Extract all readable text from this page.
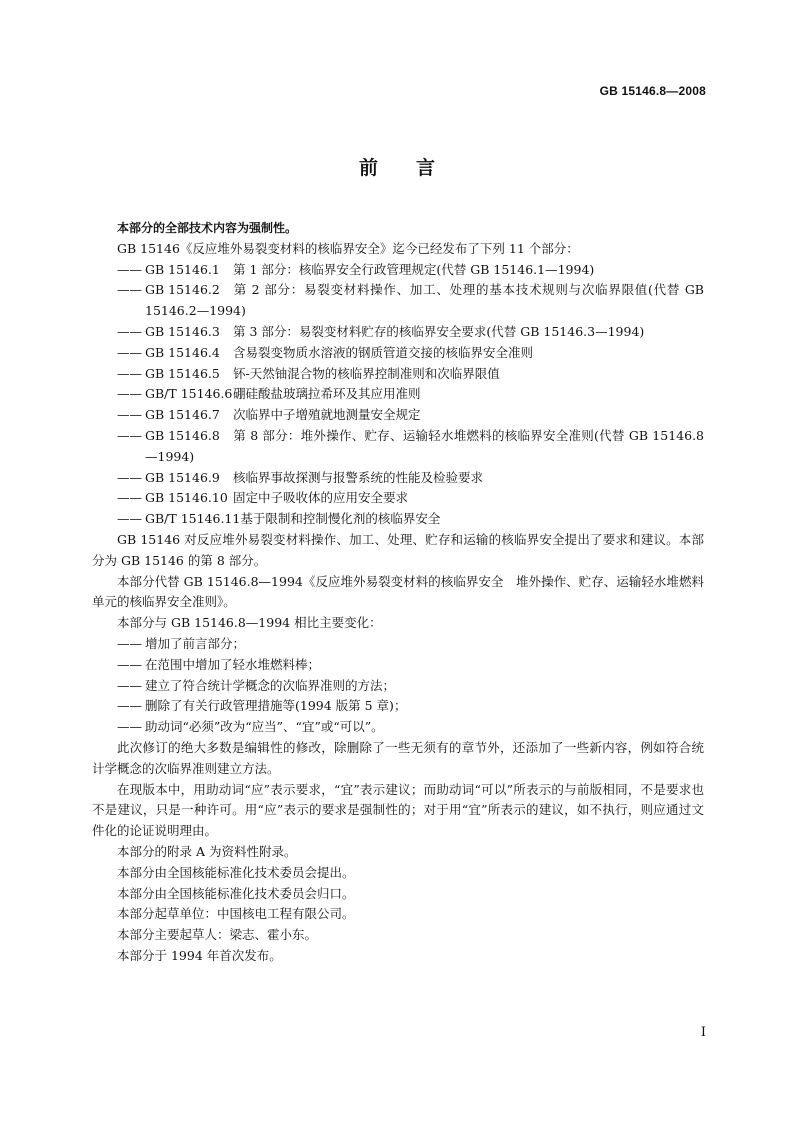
GB 15146.8—2008
前言

本部分的全部技术内容为强制性。

GB 15146《反应堆外易裂变材料的核临界安全》迄今已经发布了下列 11 个部分：

—— GB 15146.1 第 1 部分：核临界安全行政管理规定(代替 GB 15146.1—1994)

—— GB 15146.2 第 2 部分：易裂变材料操作、加工、处理的基本技术规则与次临界限值(代替 GB 15146.2—1994)

—— GB 15146.3 第 3 部分：易裂变材料贮存的核临界安全要求(代替 GB 15146.3—1994)

—— GB 15146.4 含易裂变物质水溶液的钢质管道交接的核临界安全准则

—— GB 15146.5 钚-天然铀混合物的核临界控制准则和次临界限值

—— GB/T 15146.6硼硅酸盐玻璃拉希环及其应用准则

—— GB 15146.7 次临界中子增殖就地测量安全规定

—— GB 15146.8 第 8 部分：堆外操作、贮存、运输轻水堆燃料的核临界安全准则(代替 GB 15146.8—1994)

—— GB 15146.9 核临界事故探测与报警系统的性能及检验要求

—— GB 15146.10 固定中子吸收体的应用安全要求

—— GB/T 15146.11基于限制和控制慢化剂的核临界安全

GB 15146 对反应堆外易裂变材料操作、加工、处理、贮存和运输的核临界安全提出了要求和建议。本部分为 GB 15146 的第 8 部分。

本部分代替 GB 15146.8—1994《反应堆外易裂变材料的核临界安全　堆外操作、贮存、运输轻水堆燃料单元的核临界安全准则》。

本部分与 GB 15146.8—1994 相比主要变化：

—— 增加了前言部分；

—— 在范围中增加了轻水堆燃料棒；

—— 建立了符合统计学概念的次临界准则的方法；

—— 删除了有关行政管理措施等(1994 版第 5 章)；

—— 助动词“必须”改为“应当”、“宜”或“可以”。

此次修订的绝大多数是编辑性的修改，除删除了一些无须有的章节外，还添加了一些新内容，例如符合统计学概念的次临界准则建立方法。

在现版本中，用助动词“应”表示要求，“宜”表示建议；而助动词“可以”所表示的与前版相同，不是要求也不是建议，只是一种许可。用“应”表示的要求是强制性的；对于用“宜”所表示的建议，如不执行，则应通过文件化的论证说明理由。

本部分的附录 A 为资料性附录。

本部分由全国核能标准化技术委员会提出。

本部分由全国核能标准化技术委员会归口。

本部分起草单位：中国核电工程有限公司。

本部分主要起草人：梁志、霍小东。

本部分于 1994 年首次发布。

I
